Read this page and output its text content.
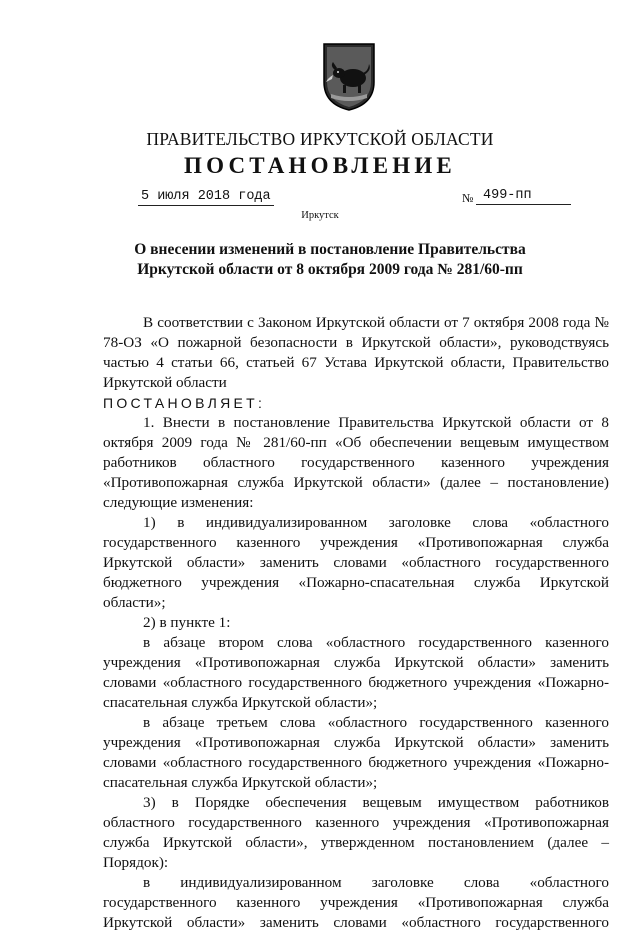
ПРАВИТЕЛЬСТВО ИРКУТСКОЙ ОБЛАСТИ
ПОСТАНОВЛЕНИЕ
5 июля 2018 года	№ 499-пп
Иркутск
О внесении изменений в постановление Правительства Иркутской области от 8 октября 2009 года № 281/60-пп

В соответствии с Законом Иркутской области от 7 октября 2008 года № 78-ОЗ «О пожарной безопасности в Иркутской области», руководствуясь частью 4 статьи 66, статьей 67 Устава Иркутской области, Правительство Иркутской области

ПОСТАНОВЛЯЕТ:

1. Внести в постановление Правительства Иркутской области от 8 октября 2009 года № 281/60-пп «Об обеспечении вещевым имуществом работников областного государственного казенного учреждения «Противопожарная служба Иркутской области» (далее – постановление) следующие изменения:

1) в индивидуализированном заголовке слова «областного государственного казенного учреждения «Противопожарная служба Иркутской области» заменить словами «областного государственного бюджетного учреждения «Пожарно-спасательная служба Иркутской области»;

2) в пункте 1:

в абзаце втором слова «областного государственного казенного учреждения «Противопожарная служба Иркутской области» заменить словами «областного государственного бюджетного учреждения «Пожарно-спасательная служба Иркутской области»;

в абзаце третьем слова «областного государственного казенного учреждения «Противопожарная служба Иркутской области» заменить словами «областного государственного бюджетного учреждения «Пожарно-спасательная служба Иркутской области»;

3) в Порядке обеспечения вещевым имуществом работников областного государственного казенного учреждения «Противопожарная служба Иркутской области», утвержденном постановлением (далее – Порядок):

в индивидуализированном заголовке слова «областного государственного казенного учреждения «Противопожарная служба Иркутской области» заменить словами «областного государственного
